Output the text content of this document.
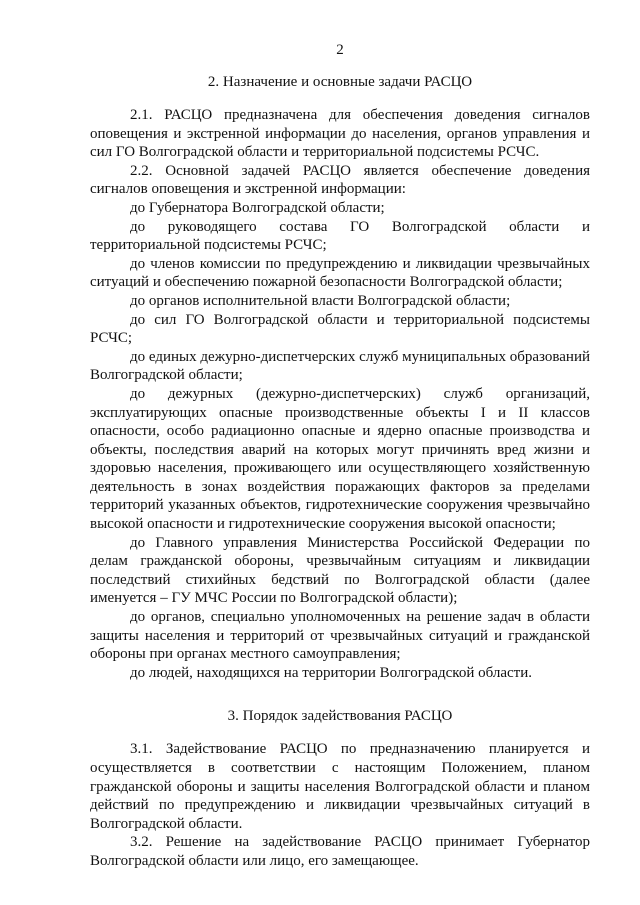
2
2. Назначение и основные задачи РАСЦО

2.1. РАСЦО предназначена для обеспечения доведения сигналов оповещения и экстренной информации до населения, органов управления и сил ГО Волгоградской области и территориальной подсистемы РСЧС.

2.2. Основной задачей РАСЦО является обеспечение доведения сигналов оповещения и экстренной информации:

до Губернатора Волгоградской области;

до руководящего состава ГО Волгоградской области и территориальной подсистемы РСЧС;

до членов комиссии по предупреждению и ликвидации чрезвычайных ситуаций и обеспечению пожарной безопасности Волгоградской области;

до органов исполнительной власти Волгоградской области;

до сил ГО Волгоградской области и территориальной подсистемы РСЧС;

до единых дежурно-диспетчерских служб муниципальных образований Волгоградской области;

до дежурных (дежурно-диспетчерских) служб организаций, эксплуатирующих опасные производственные объекты I и II классов опасности, особо радиационно опасные и ядерно опасные производства и объекты, последствия аварий на которых могут причинять вред жизни и здоровью населения, проживающего или осуществляющего хозяйственную деятельность в зонах воздействия поражающих факторов за пределами территорий указанных объектов, гидротехнические сооружения чрезвычайно высокой опасности и гидротехнические сооружения высокой опасности;

до Главного управления Министерства Российской Федерации по делам гражданской обороны, чрезвычайным ситуациям и ликвидации последствий стихийных бедствий по Волгоградской области (далее именуется – ГУ МЧС России по Волгоградской области);

до органов, специально уполномоченных на решение задач в области защиты населения и территорий от чрезвычайных ситуаций и гражданской обороны при органах местного самоуправления;

до людей, находящихся на территории Волгоградской области.

3. Порядок задействования РАСЦО

3.1. Задействование РАСЦО по предназначению планируется и осуществляется в соответствии с настоящим Положением, планом гражданской обороны и защиты населения Волгоградской области и планом действий по предупреждению и ликвидации чрезвычайных ситуаций в Волгоградской области.

3.2. Решение на задействование РАСЦО принимает Губернатор Волгоградской области или лицо, его замещающее.
